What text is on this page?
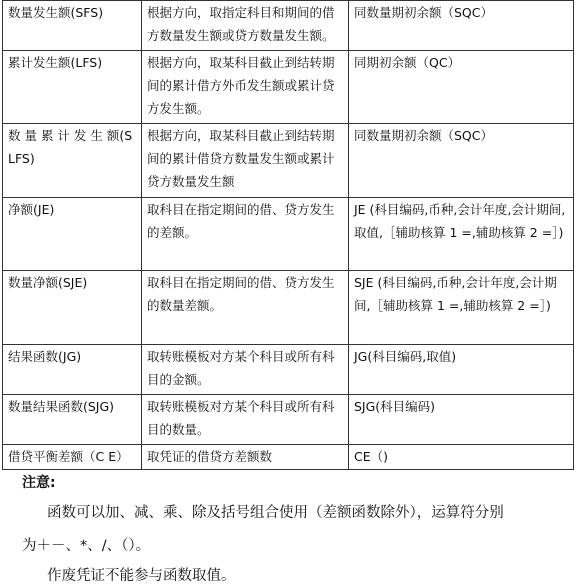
数量发生额(SFS)	根据方向，取指定科目和期间的借方数量发生额或贷方数量发生额。	同数量期初余额（SQC）
累计发生额(LFS)	根据方向，取某科目截止到结转期间的累计借方外币发生额或累计贷方发生额。	同期初余额（QC）
数 量 累 计 发 生 额(SLFS)	根据方向，取某科目截止到结转期间的累计借贷方数量发生额或累计贷方数量发生额	同数量期初余额（SQC）
净额(JE)	取科目在指定期间的借、贷方发生的差额。	JE (科目编码,币种,会计年度,会计期间,取值,［辅助核算 1 =,辅助核算 2 =］)
数量净额(SJE)	取科目在指定期间的借、贷方发生的数量差额。	SJE (科目编码,币种,会计年度,会计期间,［辅助核算 1 =,辅助核算 2 =］)
结果函数(JG)	取转账模板对方某个科目或所有科目的金额。	JG(科目编码,取值)
数量结果函数(SJG)	取转账模板对方某个科目或所有科目的数量。	SJG(科目编码)
借贷平衡差额（C E）	取凭证的借贷方差额数	CE（)
注意:
函数可以加、减、乘、除及括号组合使用（差额函数除外），运算符分别
为＋－、*、/、（）。
作废凭证不能参与函数取值。
